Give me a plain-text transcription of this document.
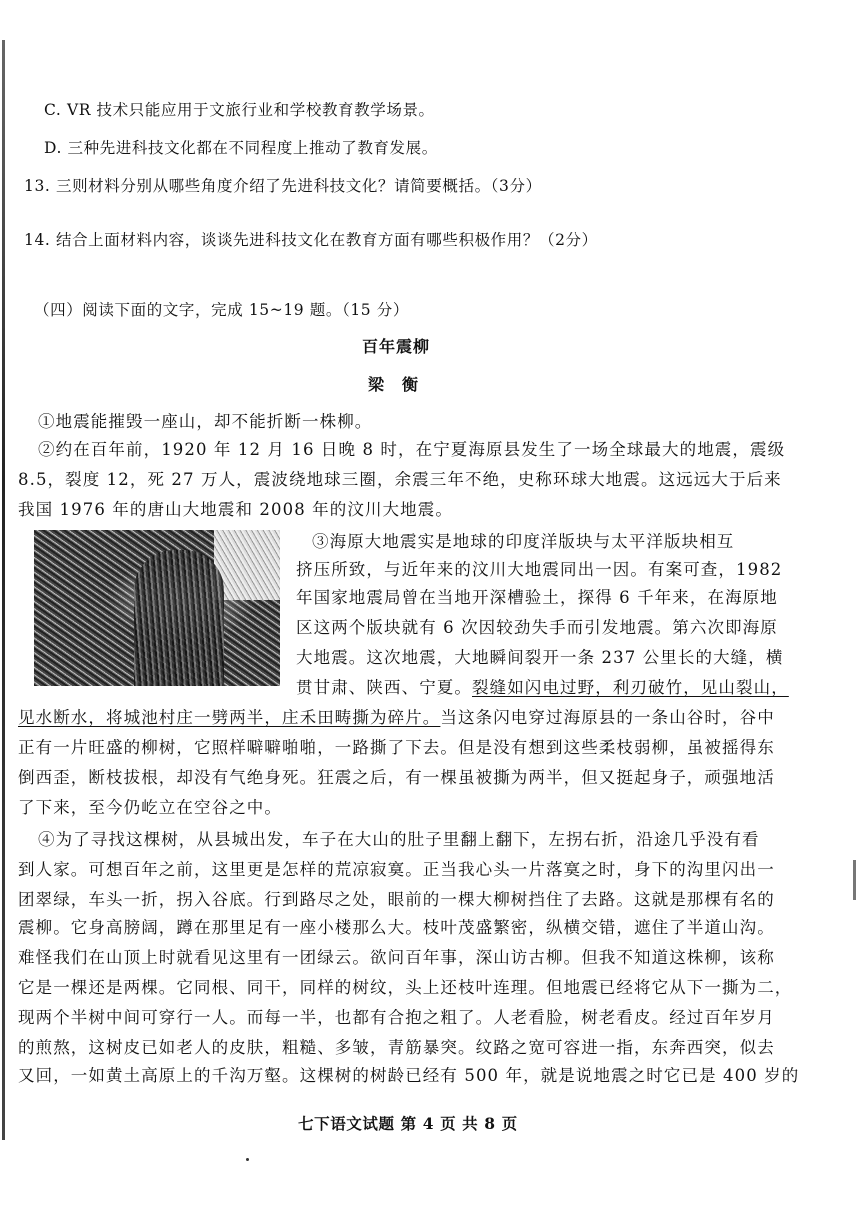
C. VR 技术只能应用于文旅行业和学校教育教学场景。
D. 三种先进科技文化都在不同程度上推动了教育发展。
13. 三则材料分别从哪些角度介绍了先进科技文化？请简要概括。（3分）
14. 结合上面材料内容，谈谈先进科技文化在教育方面有哪些积极作用？（2分）
（四）阅读下面的文字，完成 15~19 题。（15 分）
百年震柳
梁　衡
①地震能摧毁一座山，却不能折断一株柳。
②约在百年前，1920 年 12 月 16 日晚 8 时，在宁夏海原县发生了一场全球最大的地震，震级
8.5，裂度 12，死 27 万人，震波绕地球三圈，余震三年不绝，史称环球大地震。这远远大于后来
我国 1976 年的唐山大地震和 2008 年的汶川大地震。
③海原大地震实是地球的印度洋版块与太平洋版块相互
挤压所致，与近年来的汶川大地震同出一因。有案可查，1982
年国家地震局曾在当地开深槽验土，探得 6 千年来，在海原地
区这两个版块就有 6 次因较劲失手而引发地震。第六次即海原
大地震。这次地震，大地瞬间裂开一条 237 公里长的大缝，横
贯甘肃、陕西、宁夏。裂缝如闪电过野，利刃破竹，见山裂山，
见水断水，将城池村庄一劈两半，庄禾田畴撕为碎片。当这条闪电穿过海原县的一条山谷时，谷中
正有一片旺盛的柳树，它照样噼噼啪啪，一路撕了下去。但是没有想到这些柔枝弱柳，虽被摇得东
倒西歪，断枝拔根，却没有气绝身死。狂震之后，有一棵虽被撕为两半，但又挺起身子，顽强地活
了下来，至今仍屹立在空谷之中。
④为了寻找这棵树，从县城出发，车子在大山的肚子里翻上翻下，左拐右折，沿途几乎没有看
到人家。可想百年之前，这里更是怎样的荒凉寂寞。正当我心头一片落寞之时，身下的沟里闪出一
团翠绿，车头一折，拐入谷底。行到路尽之处，眼前的一棵大柳树挡住了去路。这就是那棵有名的
震柳。它身高膀阔，蹲在那里足有一座小楼那么大。枝叶茂盛繁密，纵横交错，遮住了半道山沟。
难怪我们在山顶上时就看见这里有一团绿云。欲问百年事，深山访古柳。但我不知道这株柳，该称
它是一棵还是两棵。它同根、同干，同样的树纹，头上还枝叶连理。但地震已经将它从下一撕为二，
现两个半树中间可穿行一人。而每一半，也都有合抱之粗了。人老看脸，树老看皮。经过百年岁月
的煎熬，这树皮已如老人的皮肤，粗糙、多皱，青筋暴突。纹路之宽可容进一指，东奔西突，似去
又回，一如黄土高原上的千沟万壑。这棵树的树龄已经有 500 年，就是说地震之时它已是 400 岁的
七下语文试题 第 4 页 共 8 页
